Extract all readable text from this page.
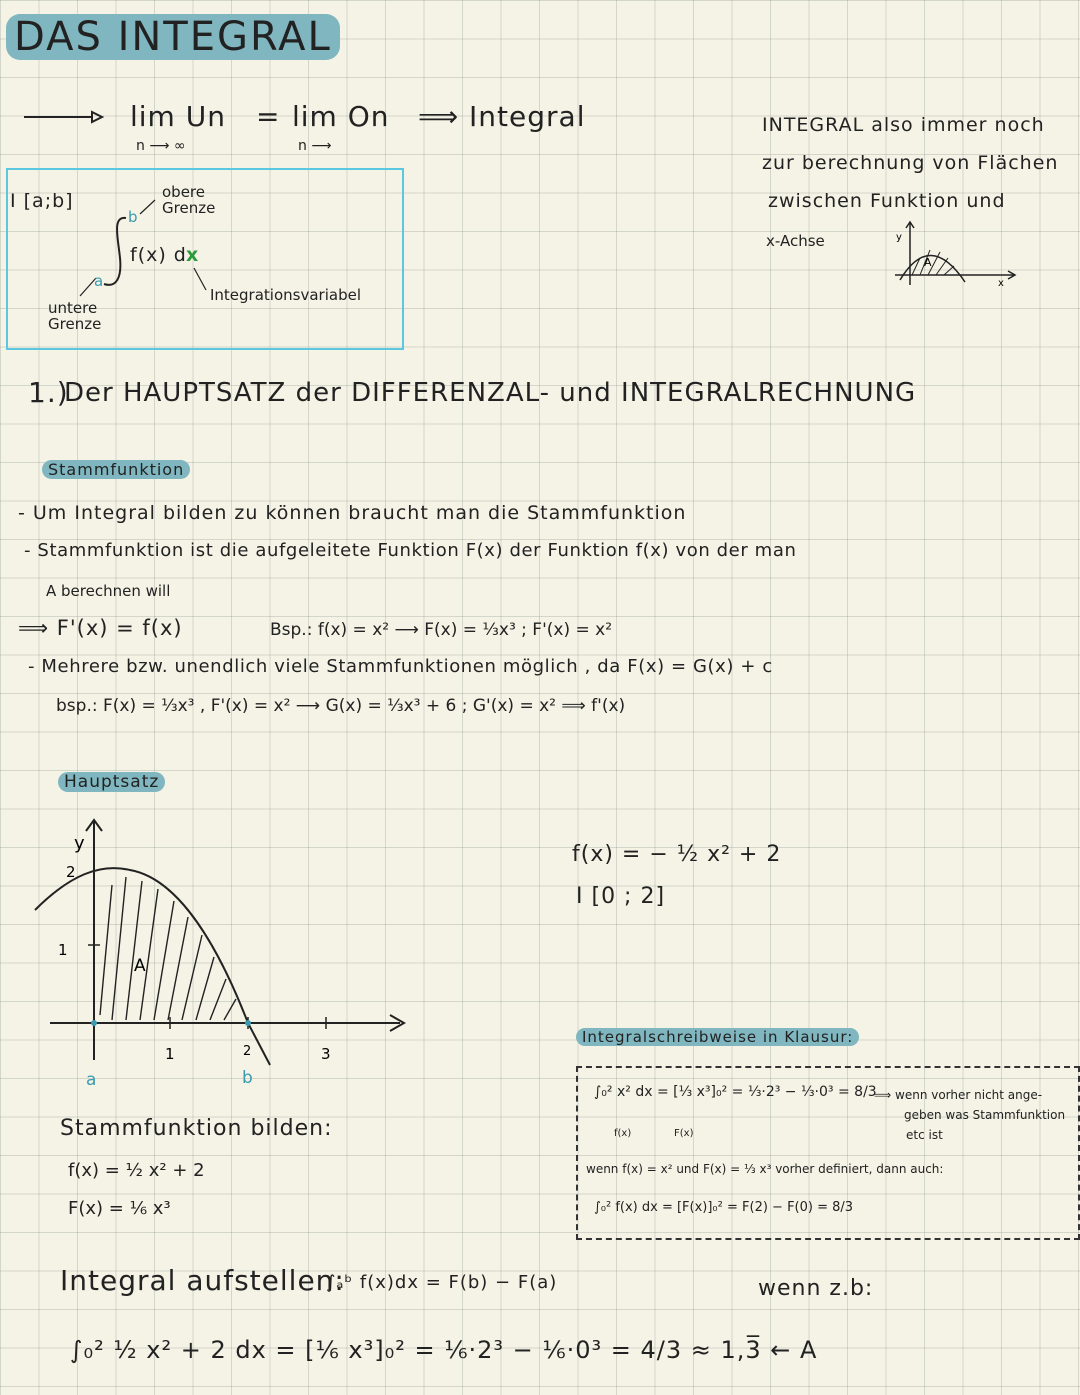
DAS INTEGRAL
lim Un
n ⟶ ∞
= lim On
n ⟶
⟹ Integral	INTEGRAL also immer noch
zur berechnung von Flächen
zwischen Funktion und
x-Achse
x
y
A
I [a;b]	obere Grenze
b
f(x) d x
a
Integrationsvariabel
untere Grenze
1.)
Der HAUPTSATZ der DIFFERENZAL- und INTEGRALRECHNUNG
Stammfunktion
- Um Integral bilden zu können braucht man die Stammfunktion
- Stammfunktion ist die aufgeleitete Funktion F(x) der Funktion f(x) von der man
A berechnen will
⟹ F'(x) = f(x)	Bsp.: f(x) = x² ⟶ F(x) = ⅓x³ ; F'(x) = x²
- Mehrere bzw. unendlich viele Stammfunktionen möglich , da F(x) = G(x) + c
bsp.: F(x) = ⅓x³ , F'(x) = x² ⟶ G(x) = ⅓x³ + 6 ; G'(x) = x² ⟹ f'(x)
Hauptsatz
y
2
1
1	2	3
A
a	b
f(x) = − ½ x² + 2
I [0 ; 2]
Stammfunktion bilden:
f(x) = ½ x² + 2
F(x) = ⅙ x³
Integralschreibweise in Klausur:
∫₀² x² dx = [⅓ x³]₀² = ⅓·2³ − ⅓·0³ = 8/3
f(x)	F(x)
⟹ wenn vorher nicht ange-
geben was Stammfunktion
etc ist
wenn f(x) = x² und F(x) = ⅓ x³ vorher definiert, dann auch:
∫₀² f(x) dx = [F(x)]₀² = F(2) − F(0) = 8/3
Integral aufstellen:
∫ₐᵇ f(x)dx = F(b) − F(a)	wenn z.b:
∫₀² ½ x² + 2 dx = [⅙ x³]₀² = ⅙·2³ − ⅙·0³ = 4/3 ≈ 1,3̅ ← A
